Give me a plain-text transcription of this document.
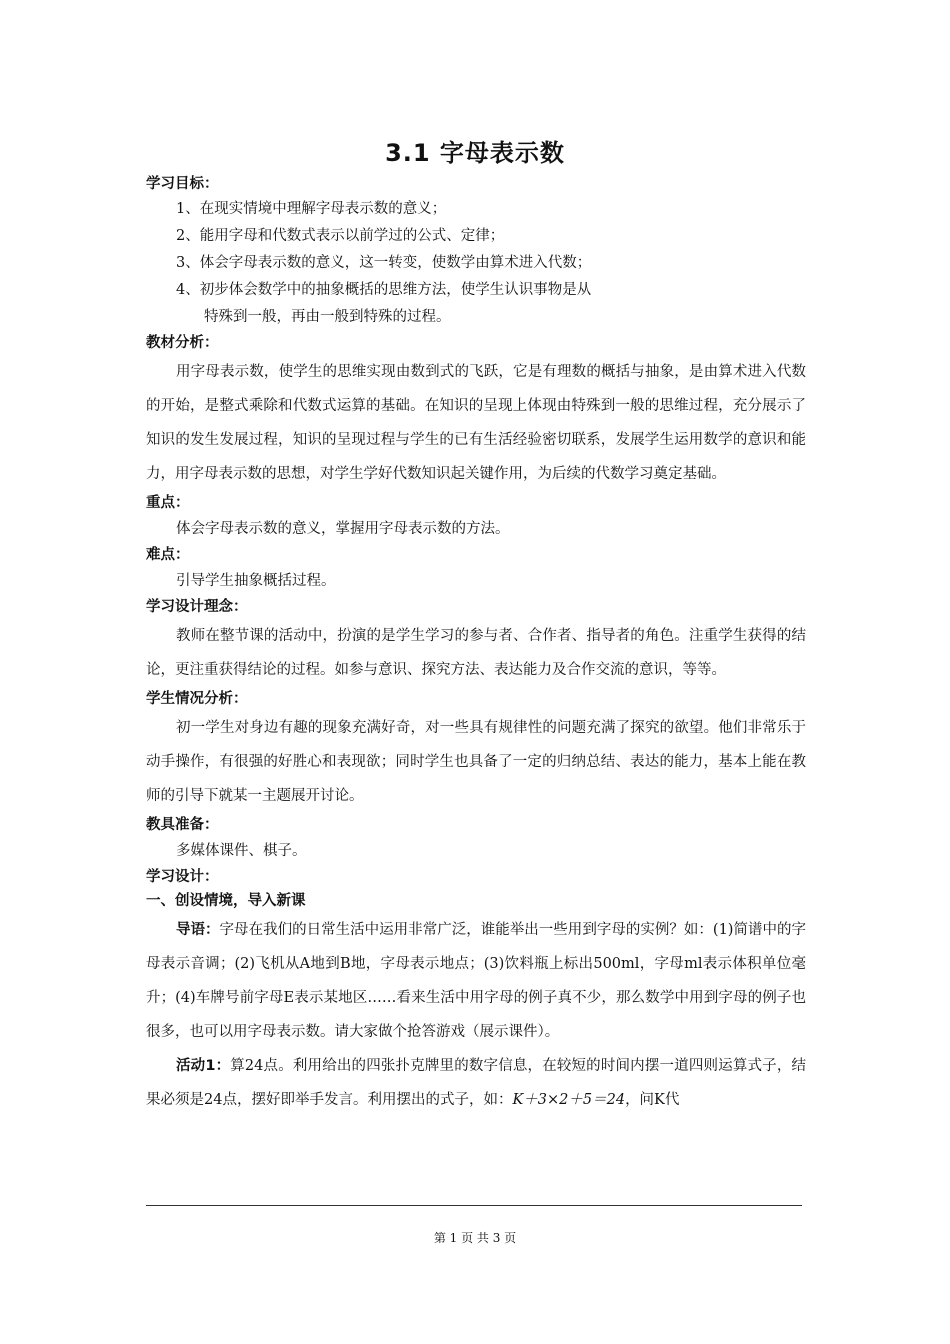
3.1 字母表示数
学习目标：
1、在现实情境中理解字母表示数的意义；
2、能用字母和代数式表示以前学过的公式、定律；
3、体会字母表示数的意义，这一转变，使数学由算术进入代数；
4、初步体会数学中的抽象概括的思维方法，使学生认识事物是从
特殊到一般，再由一般到特殊的过程。
教材分析：
用字母表示数，使学生的思维实现由数到式的飞跃，它是有理数的概括与抽象，是由算术进入代数的开始，是整式乘除和代数式运算的基础。在知识的呈现上体现由特殊到一般的思维过程，充分展示了知识的发生发展过程，知识的呈现过程与学生的已有生活经验密切联系，发展学生运用数学的意识和能力，用字母表示数的思想，对学生学好代数知识起关键作用，为后续的代数学习奠定基础。
重点：
体会字母表示数的意义，掌握用字母表示数的方法。
难点：
引导学生抽象概括过程。
学习设计理念：
教师在整节课的活动中，扮演的是学生学习的参与者、合作者、指导者的角色。注重学生获得的结论，更注重获得结论的过程。如参与意识、探究方法、表达能力及合作交流的意识，等等。
学生情况分析：
初一学生对身边有趣的现象充满好奇，对一些具有规律性的问题充满了探究的欲望。他们非常乐于动手操作，有很强的好胜心和表现欲；同时学生也具备了一定的归纳总结、表达的能力，基本上能在教师的引导下就某一主题展开讨论。
教具准备：
多媒体课件、棋子。
学习设计：
一、创设情境，导入新课
导语：字母在我们的日常生活中运用非常广泛，谁能举出一些用到字母的实例？如：(1)简谱中的字母表示音调；(2)飞机从A地到B地，字母表示地点；(3)饮料瓶上标出500ml，字母ml表示体积单位毫升；(4)车牌号前字母E表示某地区……看来生活中用字母的例子真不少，那么数学中用到字母的例子也很多，也可以用字母表示数。请大家做个抢答游戏（展示课件）。
活动1：算24点。利用给出的四张扑克牌里的数字信息，在较短的时间内摆一道四则运算式子，结果必须是24点，摆好即举手发言。利用摆出的式子，如：K＋3×2＋5＝24，问K代
第 1 页 共 3 页
